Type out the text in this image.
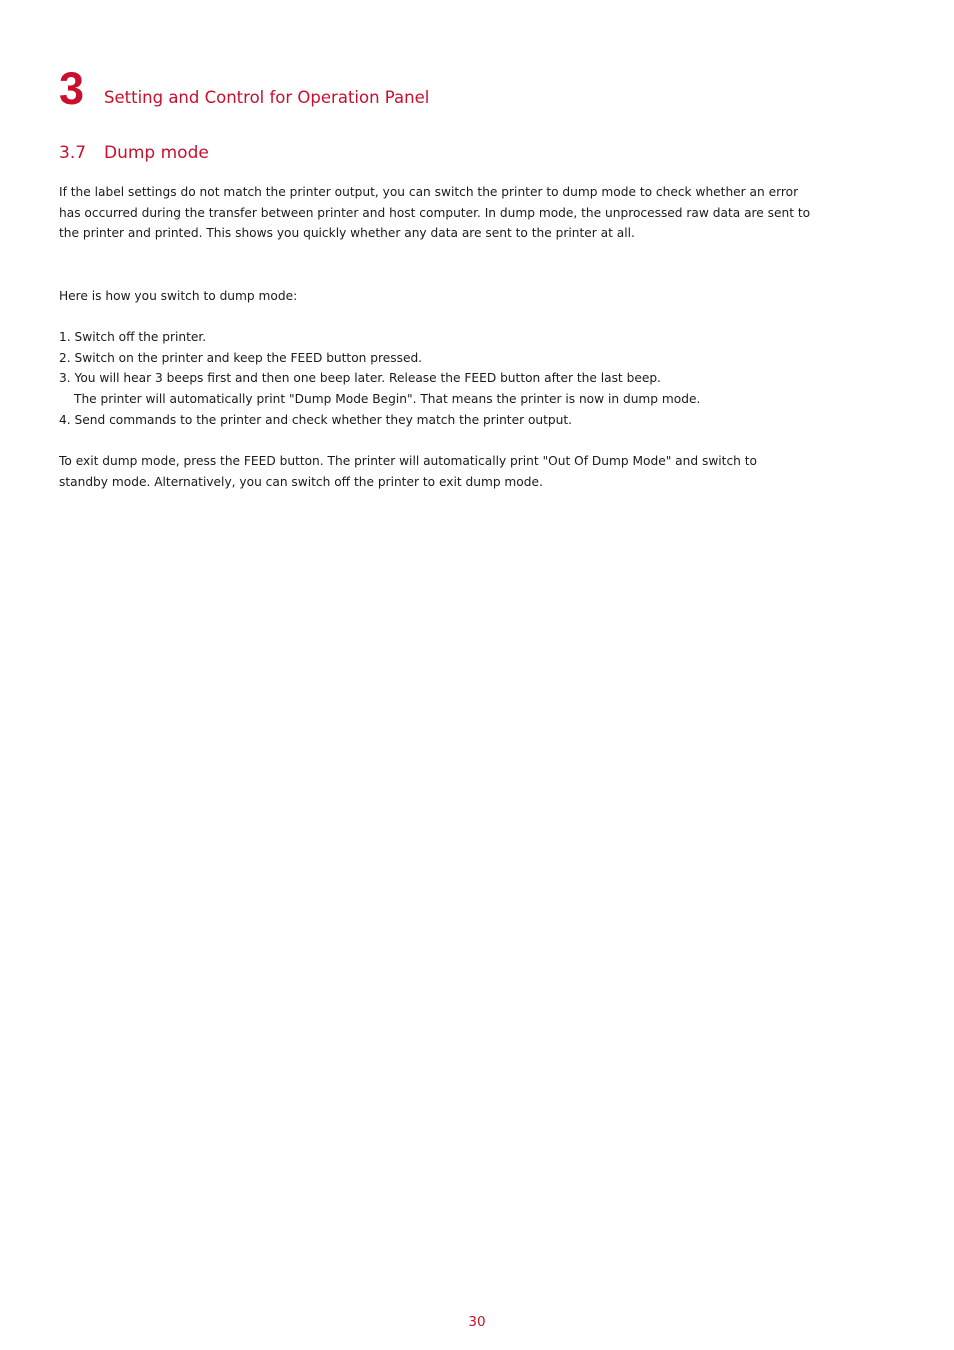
3 Setting and Control for Operation Panel
3.7 Dump mode

If the label settings do not match the printer output, you can switch the printer to dump mode to check whether an error

has occurred during the transfer between printer and host computer. In dump mode, the unprocessed raw data are sent to

the printer and printed. This shows you quickly whether any data are sent to the printer at all.

Here is how you switch to dump mode:

1. Switch off the printer.

2. Switch on the printer and keep the FEED button pressed.

3. You will hear 3 beeps first and then one beep later. Release the FEED button after the last beep.

The printer will automatically print "Dump Mode Begin". That means the printer is now in dump mode.

4. Send commands to the printer and check whether they match the printer output.

To exit dump mode, press the FEED button. The printer will automatically print "Out Of Dump Mode" and switch to

standby mode. Alternatively, you can switch off the printer to exit dump mode.

30
